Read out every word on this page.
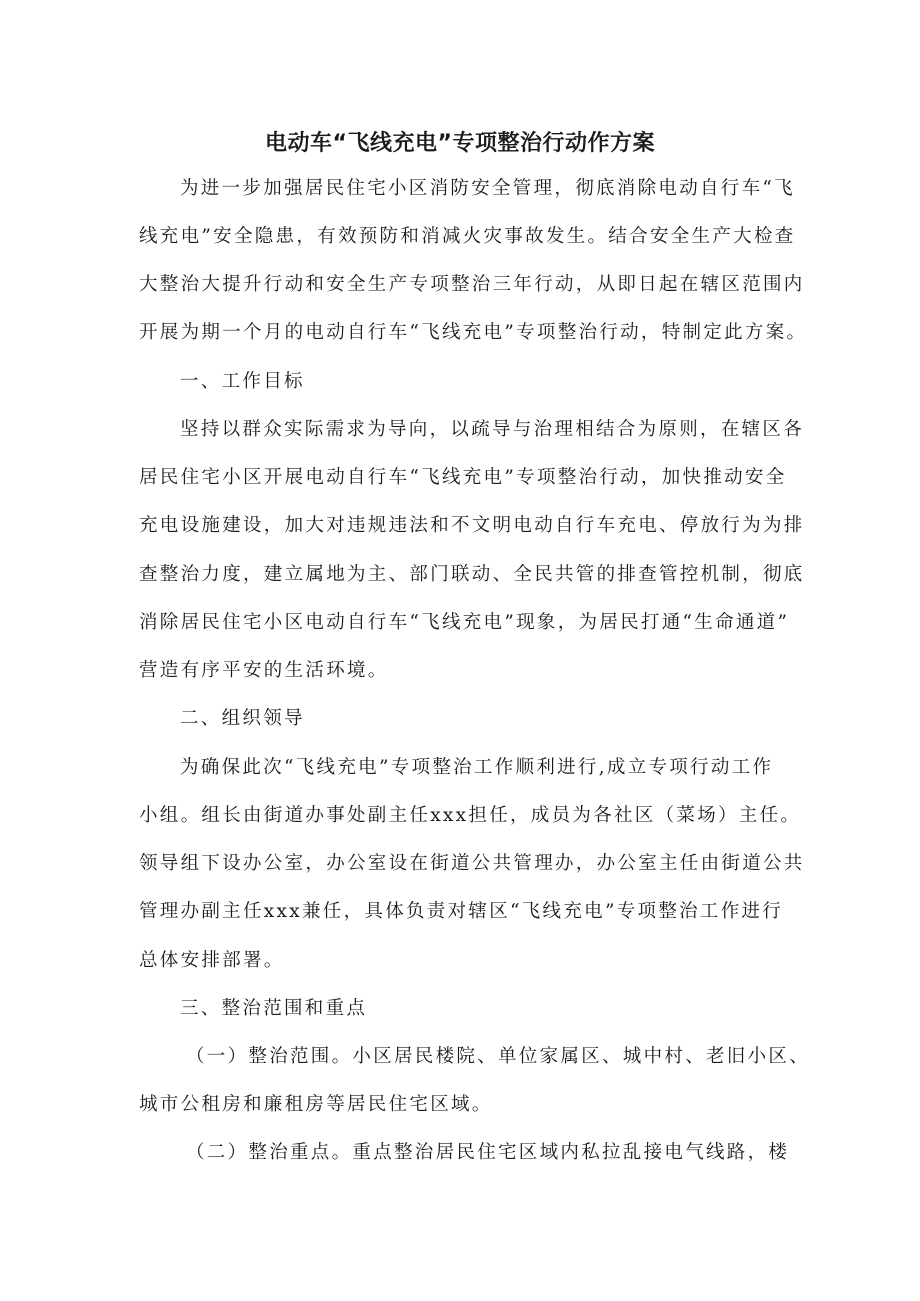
电动车“飞线充电”专项整治行动作方案
为进一步加强居民住宅小区消防安全管理，彻底消除电动自行车“飞
线充电”安全隐患，有效预防和消减火灾事故发生。结合安全生产大检查
大整治大提升行动和安全生产专项整治三年行动，从即日起在辖区范围内
开展为期一个月的电动自行车“飞线充电”专项整治行动，特制定此方案。
一、工作目标
坚持以群众实际需求为导向，以疏导与治理相结合为原则，在辖区各
居民住宅小区开展电动自行车“飞线充电”专项整治行动，加快推动安全
充电设施建设，加大对违规违法和不文明电动自行车充电、停放行为为排
查整治力度，建立属地为主、部门联动、全民共管的排查管控机制，彻底
消除居民住宅小区电动自行车“飞线充电”现象，为居民打通“生命通道”
营造有序平安的生活环境。
二、组织领导
为确保此次“飞线充电”专项整治工作顺利进行,成立专项行动工作
小组。组长由街道办事处副主任xxx担任，成员为各社区（菜场）主任。
领导组下设办公室，办公室设在街道公共管理办，办公室主任由街道公共
管理办副主任xxx兼任，具体负责对辖区“飞线充电”专项整治工作进行
总体安排部署。
三、整治范围和重点
（一）整治范围。小区居民楼院、单位家属区、城中村、老旧小区、
城市公租房和廉租房等居民住宅区域。
（二）整治重点。重点整治居民住宅区域内私拉乱接电气线路，楼
